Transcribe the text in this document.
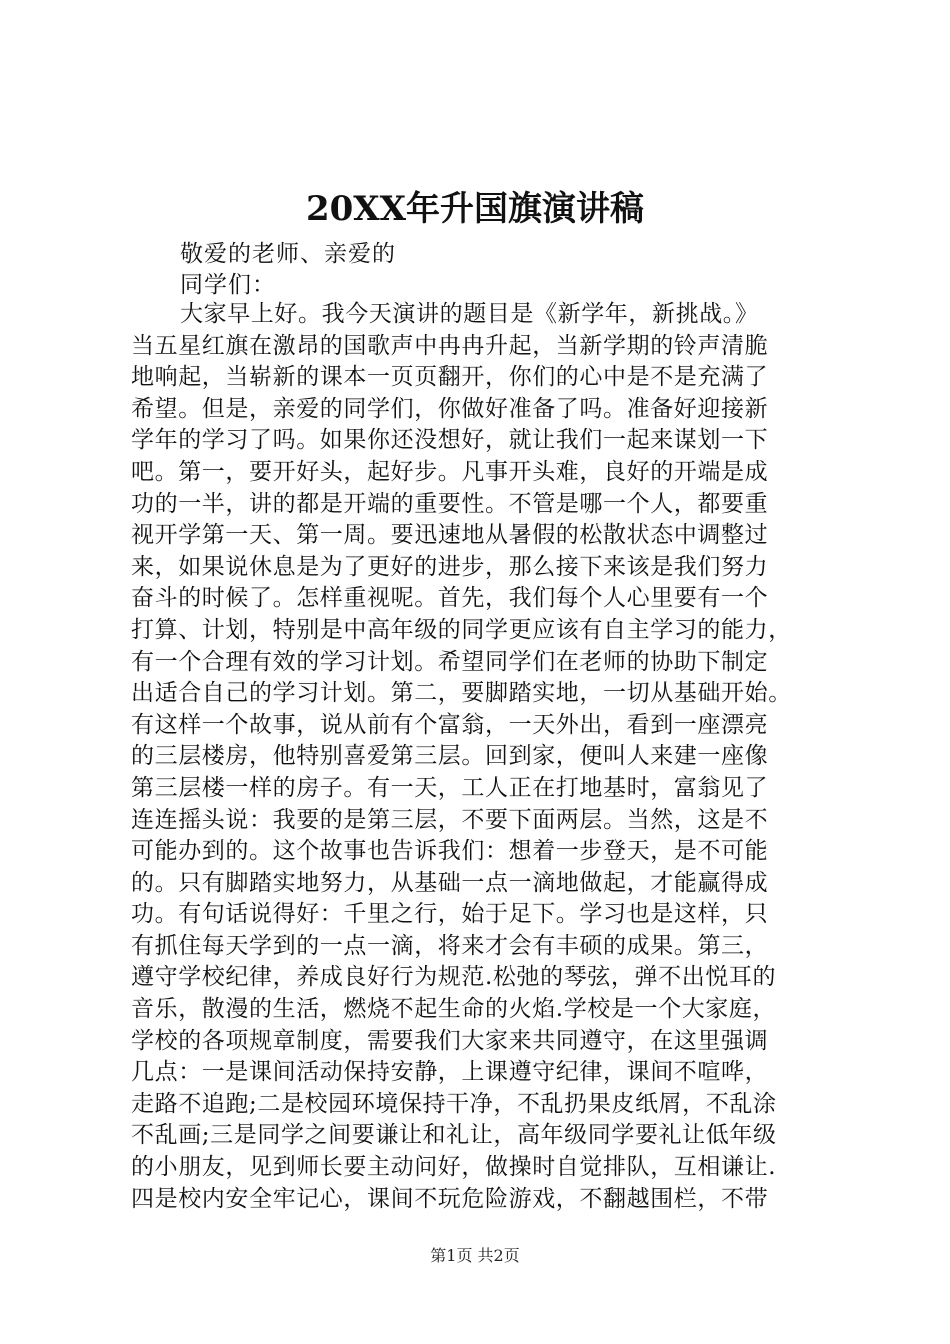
20XX年升国旗演讲稿
敬爱的老师、亲爱的
同学们：
大家早上好。我今天演讲的题目是《新学年，新挑战。》
当五星红旗在激昂的国歌声中冉冉升起，当新学期的铃声清脆
地响起，当崭新的课本一页页翻开，你们的心中是不是充满了
希望。但是，亲爱的同学们，你做好准备了吗。准备好迎接新
学年的学习了吗。如果你还没想好，就让我们一起来谋划一下
吧。第一，要开好头，起好步。凡事开头难，良好的开端是成
功的一半，讲的都是开端的重要性。不管是哪一个人，都要重
视开学第一天、第一周。要迅速地从暑假的松散状态中调整过
来，如果说休息是为了更好的进步，那么接下来该是我们努力
奋斗的时候了。怎样重视呢。首先，我们每个人心里要有一个
打算、计划，特别是中高年级的同学更应该有自主学习的能力，
有一个合理有效的学习计划。希望同学们在老师的协助下制定
出适合自己的学习计划。第二，要脚踏实地，一切从基础开始。
有这样一个故事，说从前有个富翁，一天外出，看到一座漂亮
的三层楼房，他特别喜爱第三层。回到家，便叫人来建一座像
第三层楼一样的房子。有一天，工人正在打地基时，富翁见了
连连摇头说：我要的是第三层，不要下面两层。当然，这是不
可能办到的。这个故事也告诉我们：想着一步登天，是不可能
的。只有脚踏实地努力，从基础一点一滴地做起，才能赢得成
功。有句话说得好：千里之行，始于足下。学习也是这样，只
有抓住每天学到的一点一滴，将来才会有丰硕的成果。第三，
遵守学校纪律，养成良好行为规范.松弛的琴弦，弹不出悦耳的
音乐，散漫的生活，燃烧不起生命的火焰.学校是一个大家庭，
学校的各项规章制度，需要我们大家来共同遵守，在这里强调
几点：一是课间活动保持安静，上课遵守纪律，课间不喧哗，
走路不追跑;二是校园环境保持干净，不乱扔果皮纸屑，不乱涂
不乱画;三是同学之间要谦让和礼让，高年级同学要礼让低年级
的小朋友，见到师长要主动问好，做操时自觉排队，互相谦让.
四是校内安全牢记心，课间不玩危险游戏，不翻越围栏，不带
第1页 共2页
